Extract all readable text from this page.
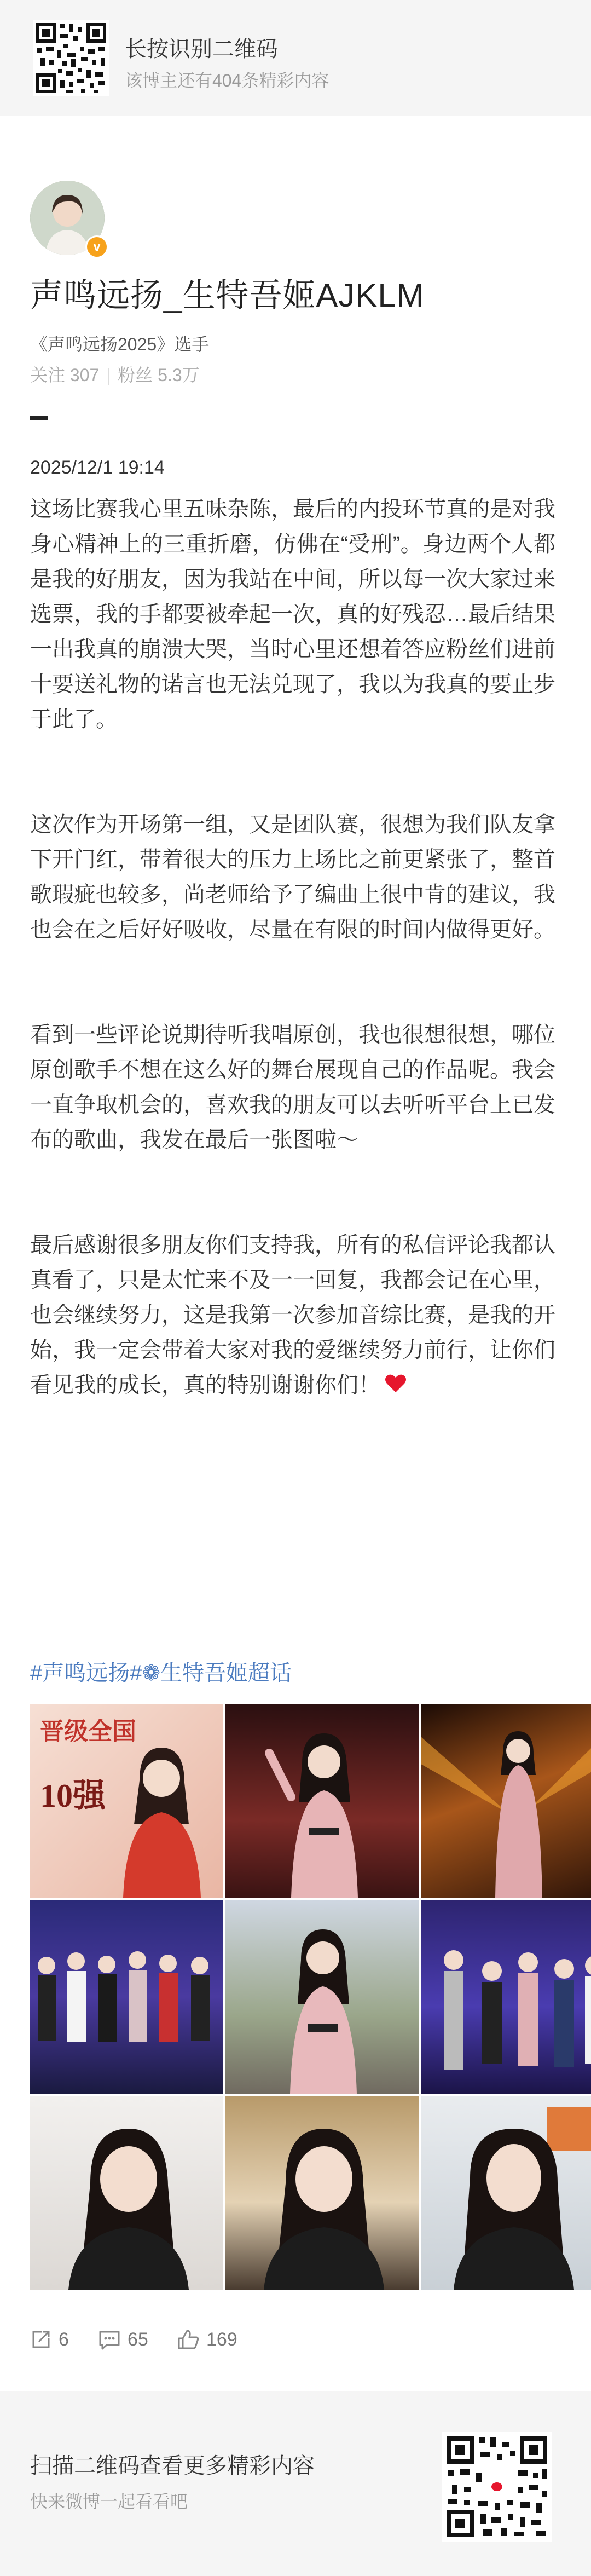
长按识别二维码
该博主还有404条精彩内容
v
声鸣远扬_生特吾姬AJKLM
《声鸣远扬2025》选手
关注 307 粉丝 5.3万
2025/12/1 19:14

这场比赛我心里五味杂陈，最后的内投环节真的是对我身心精神上的三重折磨，仿佛在“受刑”。身边两个人都是我的好朋友，因为我站在中间，所以每一次大家过来选票，我的手都要被牵起一次，真的好残忍…最后结果一出我真的崩溃大哭，当时心里还想着答应粉丝们进前十要送礼物的诺言也无法兑现了，我以为我真的要止步于此了。

这次作为开场第一组，又是团队赛，很想为我们队友拿下开门红，带着很大的压力上场比之前更紧张了，整首歌瑕疵也较多，尚老师给予了编曲上很中肯的建议，我也会在之后好好吸收，尽量在有限的时间内做得更好。

看到一些评论说期待听我唱原创，我也很想很想，哪位原创歌手不想在这么好的舞台展现自己的作品呢。我会一直争取机会的，喜欢我的朋友可以去听听平台上已发布的歌曲，我发在最后一张图啦～

最后感谢很多朋友你们支持我，所有的私信评论我都认真看了，只是太忙来不及一一回复，我都会记在心里，也会继续努力，这是我第一次参加音综比赛，是我的开始，我一定会带着大家对我的爱继续努力前行，让你们看见我的成长，真的特别谢谢你们！

#声鸣远扬#❁生特吾姬超话
晋级全国
10强
6	65	169
扫描二维码查看更多精彩内容
快来微博一起看看吧
